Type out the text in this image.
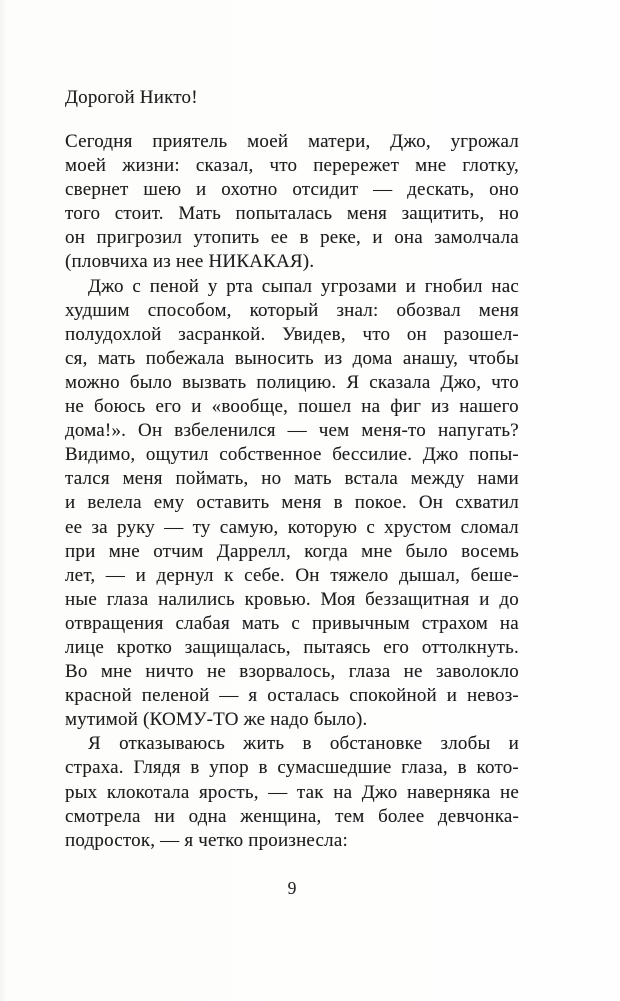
Дорогой Никто!
Сегодня приятель моей матери, Джо, угрожал
моей жизни: сказал, что перережет мне глотку,
свернет шею и охотно отсидит — дескать, оно
того стоит. Мать попыталась меня защитить, но
он пригрозил утопить ее в реке, и она замолчала
(пловчиха из нее НИКАКАЯ).
Джо с пеной у рта сыпал угрозами и гнобил нас
худшим способом, который знал: обозвал меня
полудохлой засранкой. Увидев, что он разошел-
ся, мать побежала выносить из дома анашу, чтобы
можно было вызвать полицию. Я сказала Джо, что
не боюсь его и «вообще, пошел на фиг из нашего
дома!». Он взбеленился — чем меня-то напугать?
Видимо, ощутил собственное бессилие. Джо попы-
тался меня поймать, но мать встала между нами
и велела ему оставить меня в покое. Он схватил
ее за руку — ту самую, которую с хрустом сломал
при мне отчим Даррелл, когда мне было восемь
лет, — и дернул к себе. Он тяжело дышал, беше-
ные глаза налились кровью. Моя беззащитная и до
отвращения слабая мать с привычным страхом на
лице кротко защищалась, пытаясь его оттолкнуть.
Во мне ничто не взорвалось, глаза не заволокло
красной пеленой — я осталась спокойной и невоз-
мутимой (КОМУ-ТО же надо было).
Я отказываюсь жить в обстановке злобы и
страха. Глядя в упор в сумасшедшие глаза, в кото-
рых клокотала ярость, — так на Джо наверняка не
смотрела ни одна женщина, тем более девчонка-
подросток, — я четко произнесла:
9
